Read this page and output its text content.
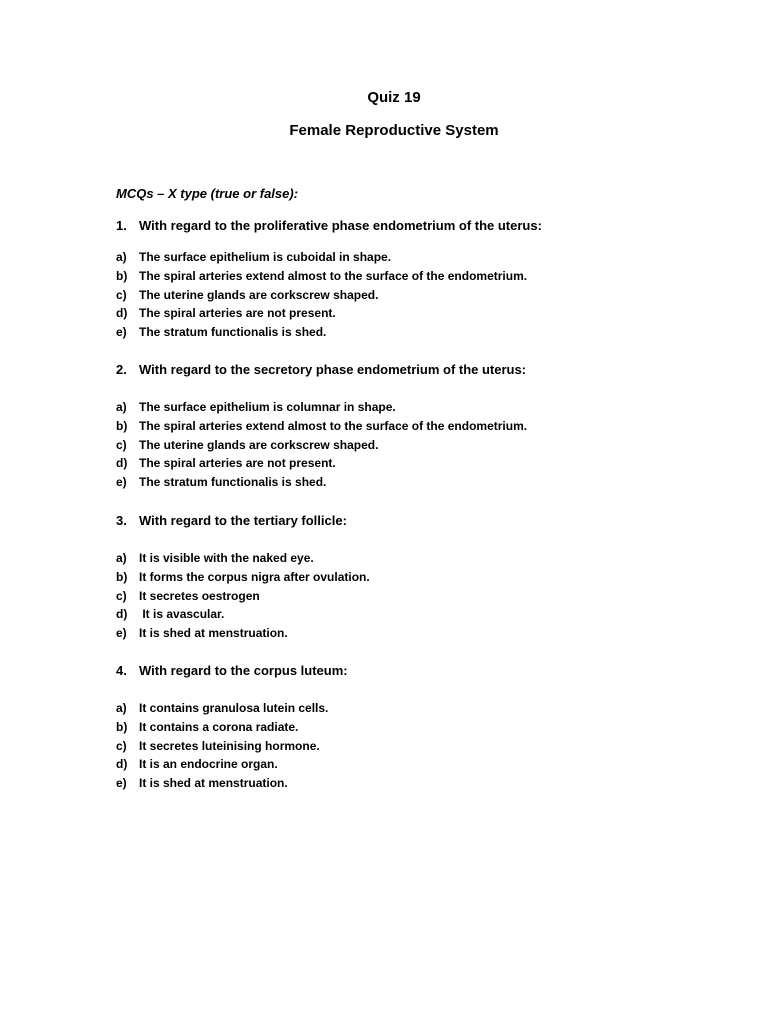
Quiz 19
Female Reproductive System
MCQs – X type (true or false):
1. With regard to the proliferative phase endometrium of the uterus:
a) The surface epithelium is cuboidal in shape.
b) The spiral arteries extend almost to the surface of the endometrium.
c) The uterine glands are corkscrew shaped.
d) The spiral arteries are not present.
e) The stratum functionalis is shed.
2. With regard to the secretory phase endometrium of the uterus:
a) The surface epithelium is columnar in shape.
b) The spiral arteries extend almost to the surface of the endometrium.
c) The uterine glands are corkscrew shaped.
d) The spiral arteries are not present.
e) The stratum functionalis is shed.
3. With regard to the tertiary follicle:
a) It is visible with the naked eye.
b) It forms the corpus nigra after ovulation.
c) It secretes oestrogen
d) It is avascular.
e) It is shed at menstruation.
4. With regard to the corpus luteum:
a) It contains granulosa lutein cells.
b) It contains a corona radiate.
c) It secretes luteinising hormone.
d) It is an endocrine organ.
e) It is shed at menstruation.
